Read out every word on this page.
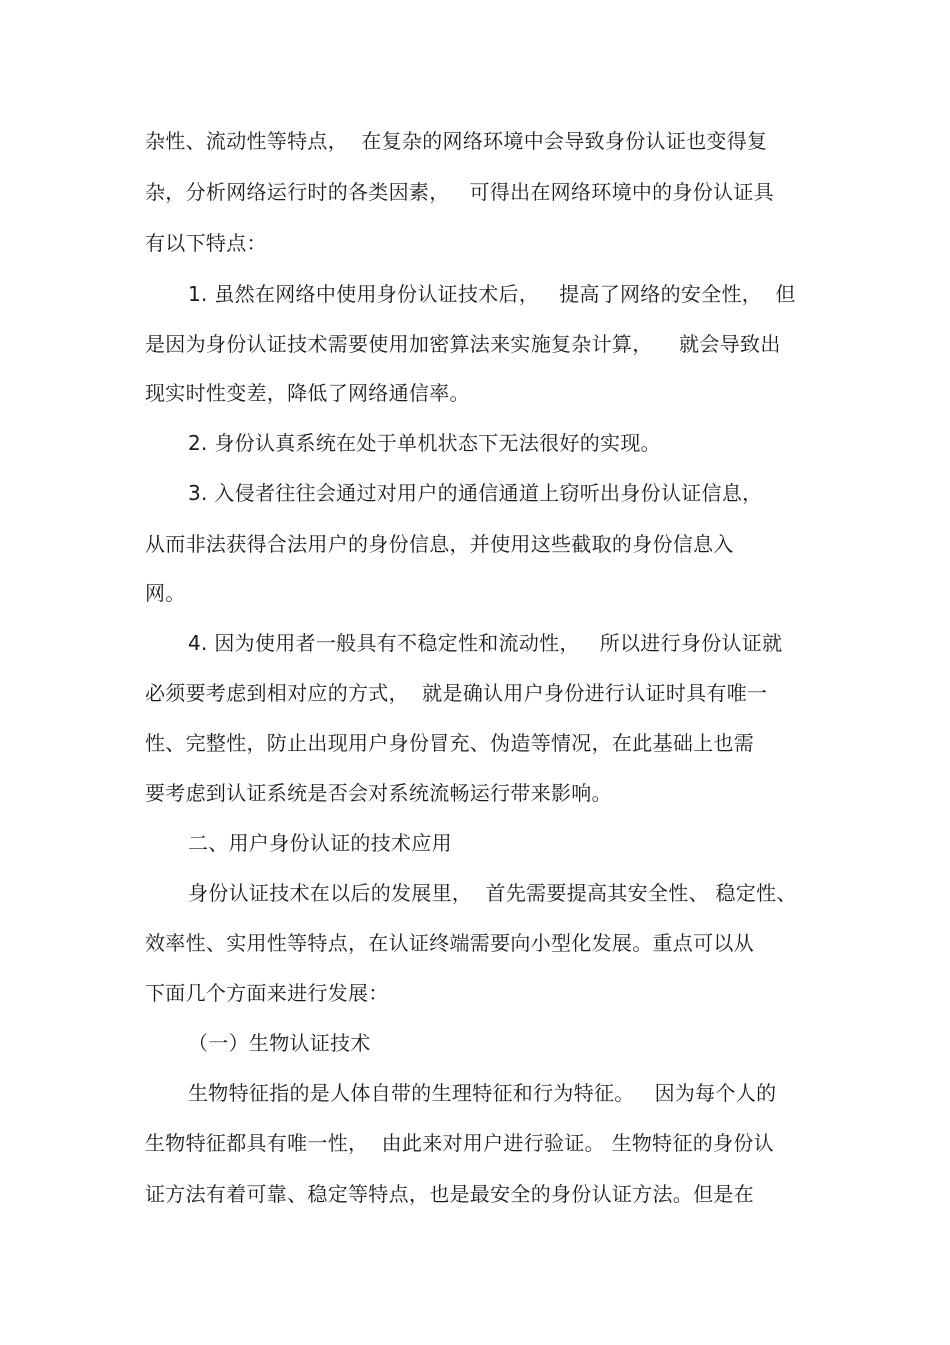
杂性、流动性等特点，  在复杂的网络环境中会导致身份认证也变得复
杂，分析网络运行时的各类因素，   可得出在网络环境中的身份认证具
有以下特点：
1. 虽然在网络中使用身份认证技术后，   提高了网络的安全性，  但
是因为身份认证技术需要使用加密算法来实施复杂计算，    就会导致出
现实时性变差，降低了网络通信率。
2. 身份认真系统在处于单机状态下无法很好的实现。
3. 入侵者往往会通过对用户的通信通道上窃听出身份认证信息，
从而非法获得合法用户的身份信息，并使用这些截取的身份信息入
网。
4. 因为使用者一般具有不稳定性和流动性，   所以进行身份认证就
必须要考虑到相对应的方式，  就是确认用户身份进行认证时具有唯一
性、完整性，防止出现用户身份冒充、伪造等情况，在此基础上也需
要考虑到认证系统是否会对系统流畅运行带来影响。
二、用户身份认证的技术应用
身份认证技术在以后的发展里，  首先需要提高其安全性、 稳定性、
效率性、实用性等特点，在认证终端需要向小型化发展。重点可以从
下面几个方面来进行发展：
（一）生物认证技术
生物特征指的是人体自带的生理特征和行为特征。   因为每个人的
生物特征都具有唯一性，  由此来对用户进行验证。 生物特征的身份认
证方法有着可靠、稳定等特点，也是最安全的身份认证方法。但是在
